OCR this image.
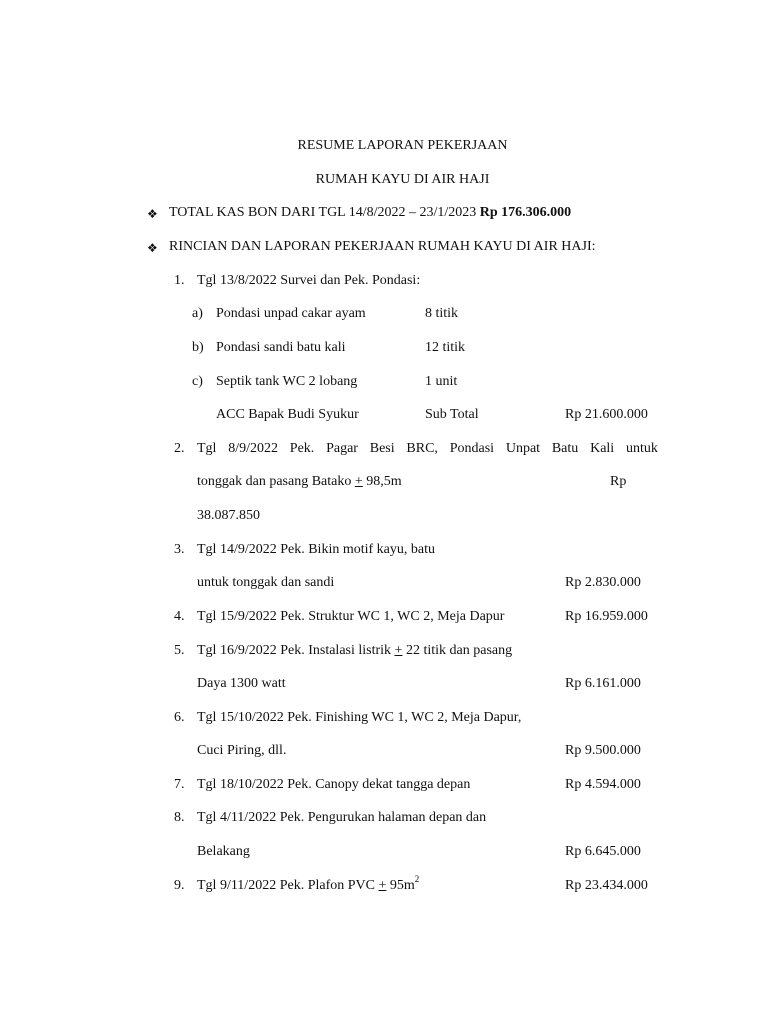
RESUME LAPORAN PEKERJAAN
RUMAH KAYU DI AIR HAJI
❖ TOTAL KAS BON DARI TGL 14/8/2022 – 23/1/2023 Rp 176.306.000
❖ RINCIAN DAN LAPORAN PEKERJAAN RUMAH KAYU DI AIR HAJI:
1. Tgl 13/8/2022 Survei dan Pek. Pondasi:
a) Pondasi unpad cakar ayam	8 titik
b) Pondasi sandi batu kali	12 titik
c) Septik tank WC 2 lobang	1 unit
ACC Bapak Budi Syukur	Sub Total	Rp 21.600.000
2. Tgl 8/9/2022 Pek. Pagar Besi BRC, Pondasi Unpat Batu Kali untuk
tonggak dan pasang Batako + 98,5m	Rp
38.087.850
3. Tgl 14/9/2022 Pek. Bikin motif kayu, batu
untuk tonggak dan sandi	Rp 2.830.000
4. Tgl 15/9/2022 Pek. Struktur WC 1, WC 2, Meja Dapur	Rp 16.959.000
5. Tgl 16/9/2022 Pek. Instalasi listrik + 22 titik dan pasang
Daya 1300 watt	Rp 6.161.000
6. Tgl 15/10/2022 Pek. Finishing WC 1, WC 2, Meja Dapur,
Cuci Piring, dll.	Rp 9.500.000
7. Tgl 18/10/2022 Pek. Canopy dekat tangga depan	Rp 4.594.000
8. Tgl 4/11/2022 Pek. Pengurukan halaman depan dan
Belakang	Rp 6.645.000
9. Tgl 9/11/2022 Pek. Plafon PVC + $95m^2$	Rp 23.434.000
